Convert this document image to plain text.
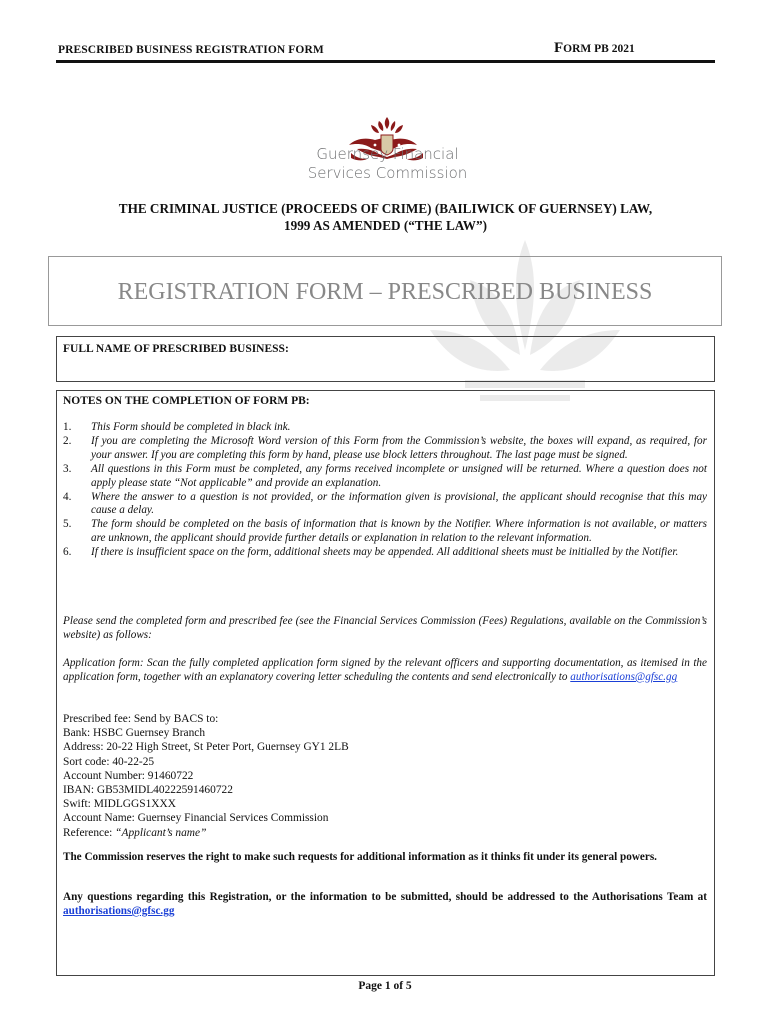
PRESCRIBED BUSINESS REGISTRATION FORM	FORM PB 2021
Guernsey Financial
Services Commission
THE CRIMINAL JUSTICE (PROCEEDS OF CRIME) (BAILIWICK OF GUERNSEY) LAW,
1999 AS AMENDED (“THE LAW”)
REGISTRATION FORM – PRESCRIBED BUSINESS
FULL NAME OF PRESCRIBED BUSINESS:
NOTES ON THE COMPLETION OF FORM PB:
1. This Form should be completed in black ink.
2. If you are completing the Microsoft Word version of this Form from the Commission’s website, the boxes will expand, as required, for your answer. If you are completing this form by hand, please use block letters throughout. The last page must be signed.
3. All questions in this Form must be completed, any forms received incomplete or unsigned will be returned. Where a question does not apply please state “Not applicable” and provide an explanation.
4. Where the answer to a question is not provided, or the information given is provisional, the applicant should recognise that this may cause a delay.
5. The form should be completed on the basis of information that is known by the Notifier. Where information is not available, or matters are unknown, the applicant should provide further details or explanation in relation to the relevant information.
6. If there is insufficient space on the form, additional sheets may be appended. All additional sheets must be initialled by the Notifier.
Please send the completed form and prescribed fee (see the Financial Services Commission (Fees) Regulations, available on the Commission’s website) as follows:
Application form: Scan the fully completed application form signed by the relevant officers and supporting documentation, as itemised in the application form, together with an explanatory covering letter scheduling the contents and send electronically to authorisations@gfsc.gg
Prescribed fee: Send by BACS to:
Bank: HSBC Guernsey Branch
Address: 20-22 High Street, St Peter Port, Guernsey GY1 2LB
Sort code: 40-22-25
Account Number: 91460722
IBAN: GB53MIDL40222591460722
Swift: MIDLGGS1XXX
Account Name: Guernsey Financial Services Commission
Reference: “Applicant’s name”
The Commission reserves the right to make such requests for additional information as it thinks fit under its general powers.
Any questions regarding this Registration, or the information to be submitted, should be addressed to the Authorisations Team at authorisations@gfsc.gg
Page 1 of 5
